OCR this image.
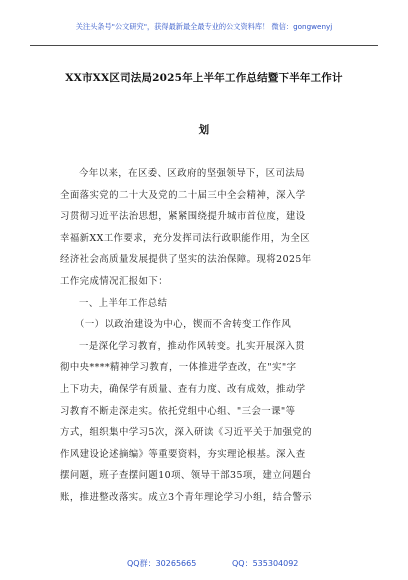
关注头条号"公文研究"，获得最新最全最专业的公文资料库！ 微信：gongwenyj
XX市XX区司法局2025年上半年工作总结暨下半年工作计
划
今年以来，在区委、区政府的坚强领导下，区司法局
全面落实党的二十大及党的二十届三中全会精神，深入学
习贯彻习近平法治思想，紧紧围绕提升城市首位度，建设
幸福新XX工作要求，充分发挥司法行政职能作用，为全区
经济社会高质量发展提供了坚实的法治保障。现将2025年
工作完成情况汇报如下：
一、上半年工作总结
（一）以政治建设为中心，锲而不舍转变工作作风
一是深化学习教育，推动作风转变。扎实开展深入贯
彻中央****精神学习教育，一体推进学查改，在"实"字
上下功夫，确保学有质量、查有力度、改有成效，推动学
习教育不断走深走实。依托党组中心组、"三会一课"等
方式，组织集中学习5次，深入研读《习近平关于加强党的
作风建设论述摘编》等重要资料，夯实理论根基。深入查
摆问题，班子查摆问题10项、领导干部35项，建立问题台
账，推进整改落实。成立3个青年理论学习小组，结合警示
QQ群：30265665	QQ：535304092
